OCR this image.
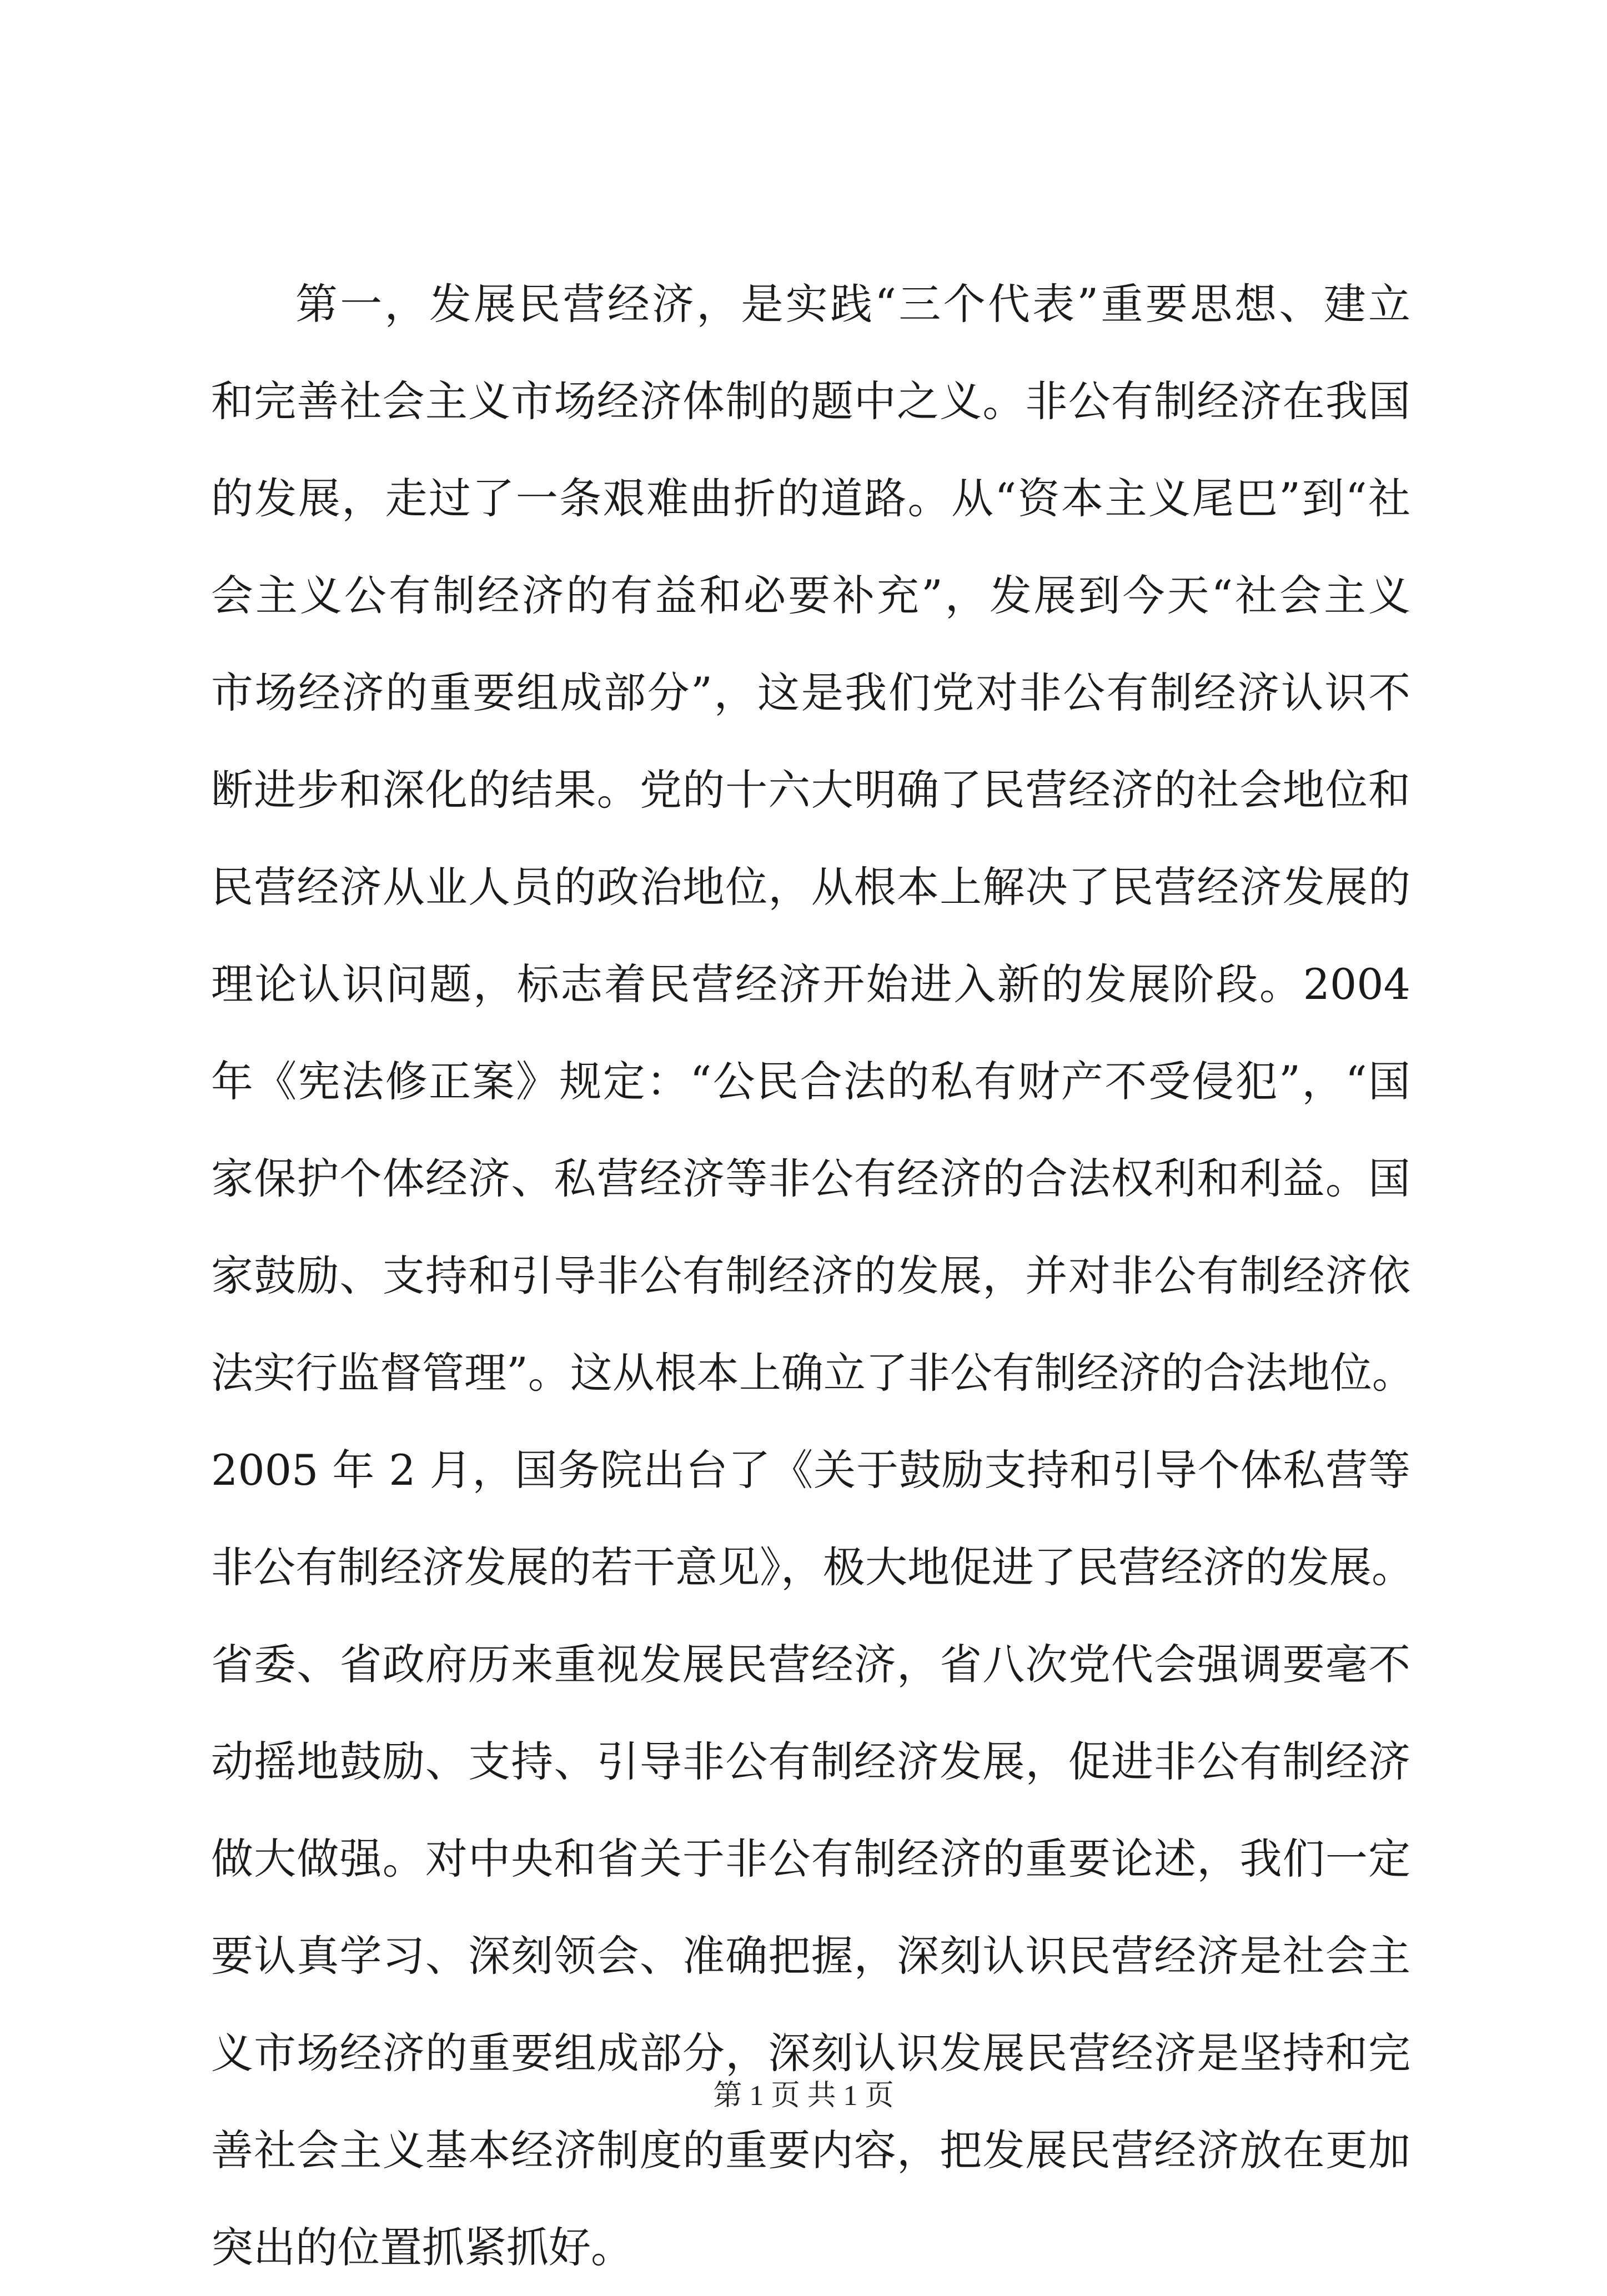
第一，发展民营经济，是实践“三个代表”重要思想、建立
和完善社会主义市场经济体制的题中之义。非公有制经济在我国
的发展，走过了一条艰难曲折的道路。从“资本主义尾巴”到“社
会主义公有制经济的有益和必要补充”，发展到今天“社会主义
市场经济的重要组成部分”，这是我们党对非公有制经济认识不
断进步和深化的结果。党的十六大明确了民营经济的社会地位和
民营经济从业人员的政治地位，从根本上解决了民营经济发展的
理论认识问题，标志着民营经济开始进入新的发展阶段。2004
年《宪法修正案》规定：“公民合法的私有财产不受侵犯”，“国
家保护个体经济、私营经济等非公有经济的合法权利和利益。国
家鼓励、支持和引导非公有制经济的发展，并对非公有制经济依
法实行监督管理”。这从根本上确立了非公有制经济的合法地位。
2005 年 2 月，国务院出台了《关于鼓励支持和引导个体私营等
非公有制经济发展的若干意见》，极大地促进了民营经济的发展。
省委、省政府历来重视发展民营经济，省八次党代会强调要毫不
动摇地鼓励、支持、引导非公有制经济发展，促进非公有制经济
做大做强。对中央和省关于非公有制经济的重要论述，我们一定
要认真学习、深刻领会、准确把握，深刻认识民营经济是社会主
义市场经济的重要组成部分，深刻认识发展民营经济是坚持和完
善社会主义基本经济制度的重要内容，把发展民营经济放在更加
突出的位置抓紧抓好。
第 1 页 共 1 页
